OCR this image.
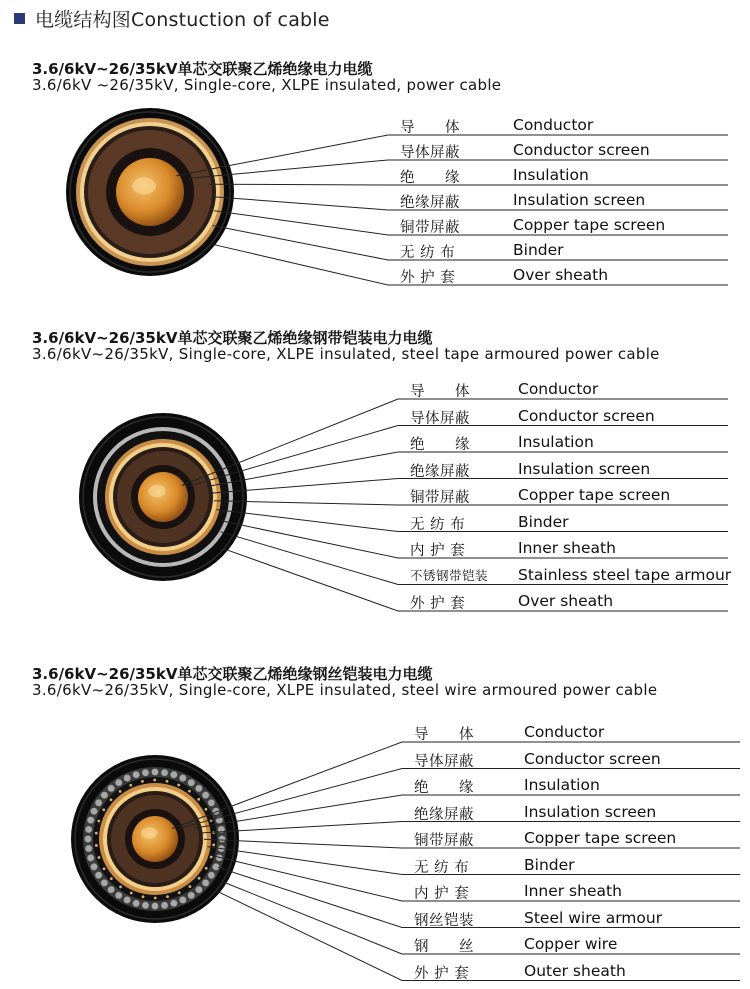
电缆结构图Constuction of cable
3.6/6kV~26/35kV单芯交联聚乙烯绝缘电力电缆
3.6/6kV ~26/35kV, Single-core, XLPE insulated, power cable
导　　体	Conductor
导体屏蔽	Conductor screen
绝　　缘	Insulation
绝缘屏蔽	Insulation screen
铜带屏蔽	Copper tape screen
无 纺 布	Binder
外 护 套	Over sheath
3.6/6kV~26/35kV单芯交联聚乙烯绝缘钢带铠装电力电缆
3.6/6kV~26/35kV, Single-core, XLPE insulated, steel tape armoured power cable
导　　体	Conductor
导体屏蔽	Conductor screen
绝　　缘	Insulation
绝缘屏蔽	Insulation screen
铜带屏蔽	Copper tape screen
无 纺 布	Binder
内 护 套	Inner sheath
不锈钢带铠装 Stainless steel tape armour
外 护 套	Over sheath
3.6/6kV~26/35kV单芯交联聚乙烯绝缘钢丝铠装电力电缆
3.6/6kV~26/35kV, Single-core, XLPE insulated, steel wire armoured power cable
导　　体	Conductor
导体屏蔽	Conductor screen
绝　　缘	Insulation
绝缘屏蔽	Insulation screen
铜带屏蔽	Copper tape screen
无 纺 布	Binder
内 护 套	Inner sheath
钢丝铠装	Steel wire armour
钢　　丝	Copper wire
外 护 套	Outer sheath
